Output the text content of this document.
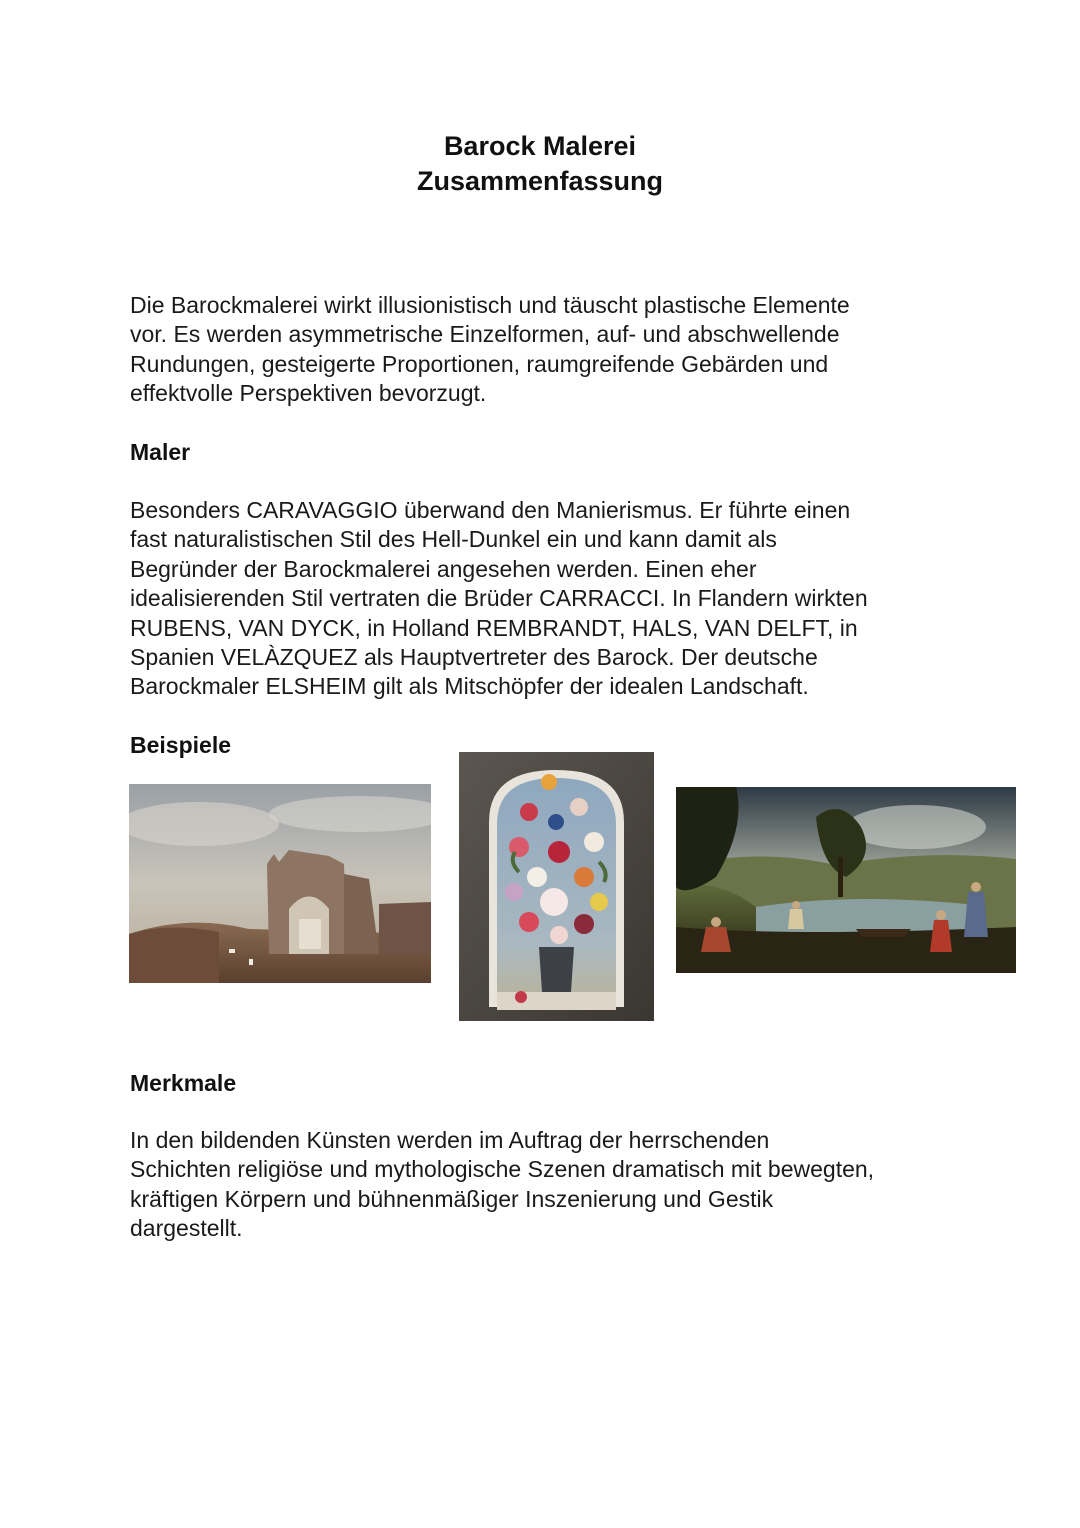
Barock Malerei
Zusammenfassung
Die Barockmalerei wirkt illusionistisch und täuscht plastische Elemente
vor. Es werden asymmetrische Einzelformen, auf- und abschwellende
Rundungen, gesteigerte Proportionen, raumgreifende Gebärden und
effektvolle Perspektiven bevorzugt.
Maler
Besonders CARAVAGGIO überwand den Manierismus. Er führte einen
fast naturalistischen Stil des Hell-Dunkel ein und kann damit als
Begründer der Barockmalerei angesehen werden. Einen eher
idealisierenden Stil vertraten die Brüder CARRACCI. In Flandern wirkten
RUBENS, VAN DYCK, in Holland REMBRANDT, HALS, VAN DELFT, in
Spanien VELÀZQUEZ als Hauptvertreter des Barock. Der deutsche
Barockmaler ELSHEIM gilt als Mitschöpfer der idealen Landschaft.
Beispiele
Merkmale
In den bildenden Künsten werden im Auftrag der herrschenden
Schichten religiöse und mythologische Szenen dramatisch mit bewegten,
kräftigen Körpern und bühnenmäßiger Inszenierung und Gestik
dargestellt.
